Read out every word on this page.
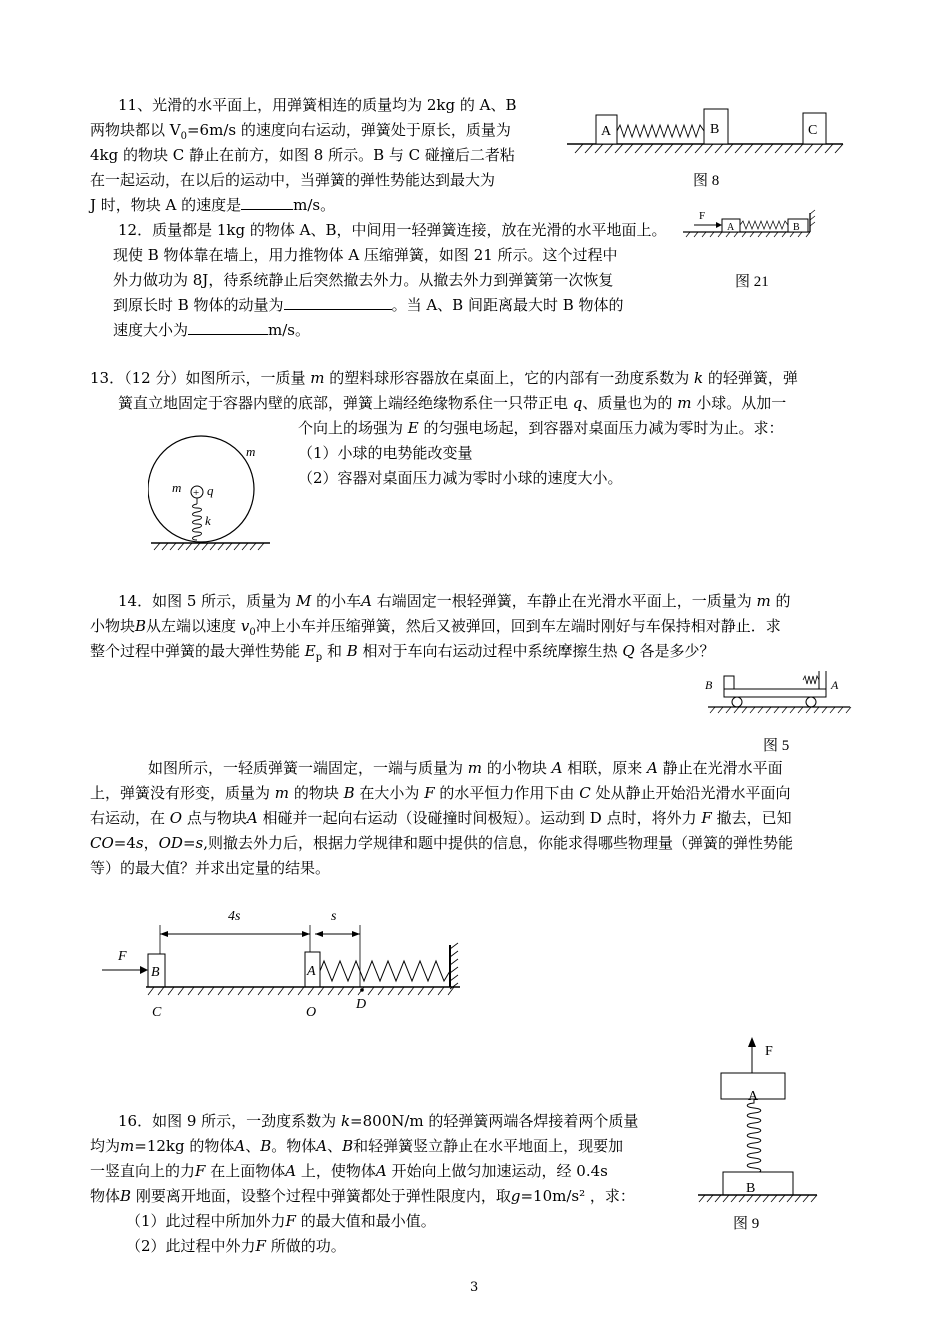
11、光滑的水平面上，用弹簧相连的质量均为 2kg 的 A、B
两物块都以 $V_0=6m/s$ 的速度向右运动，弹簧处于原长，质量为
4kg 的物块 C 静止在前方，如图 8 所示。B 与 C 碰撞后二者粘
在一起运动，在以后的运动中，当弹簧的弹性势能达到最大为
J 时，物块 A 的速度是	m/s。
A	B	C
图 8
12．质量都是 1kg 的物体 A、B，中间用一轻弹簧连接，放在光滑的水平地面上。
现使 B 物体靠在墙上，用力推物体 A 压缩弹簧，如图 21 所示。这个过程中
外力做功为 8J，待系统静止后突然撤去外力。从撤去外力到弹簧第一次恢复
到原长时 B 物体的动量为	。当 A、B 间距离最大时 B 物体的
速度大小为	m/s。
F
A	B
图 21
13．（12 分）如图所示，一质量 m 的塑料球形容器放在桌面上，它的内部有一劲度系数为 k 的轻弹簧，弹
簧直立地固定于容器内壁的底部，弹簧上端经绝缘物系住一只带正电 q、质量也为的 m 小球。从加一
个向上的场强为 E 的匀强电场起，到容器对桌面压力减为零时为止。求：
（1）小球的电势能改变量
（2）容器对桌面压力减为零时小球的速度大小。
m
+
m q
k
14．如图 5 所示，质量为 M 的小车A 右端固定一根轻弹簧，车静止在光滑水平面上，一质量为 m 的
小物块B从左端以速度 $v_0$冲上小车并压缩弹簧，然后又被弹回，回到车左端时刚好与车保持相对静止．求
整个过程中弹簧的最大弹性势能 $E_p$ 和 B 相对于车向右运动过程中系统摩擦生热 Q 各是多少？
B	A
图 5
如图所示，一轻质弹簧一端固定，一端与质量为 m 的小物块 A 相联，原来 A 静止在光滑水平面
上，弹簧没有形变，质量为 m 的物块 B 在大小为 F 的水平恒力作用下由 C 处从静止开始沿光滑水平面向
右运动，在 O 点与物块A 相碰并一起向右运动（设碰撞时间极短）。运动到 D 点时，将外力 F 撤去，已知
CO=4s，OD=s,则撤去外力后，根据力学规律和题中提供的信息，你能求得哪些物理量（弹簧的弹性势能
等）的最大值？并求出定量的结果。
4s	s
F
B	A
C	O
D
16．如图 9 所示，一劲度系数为 k=800N/m 的轻弹簧两端各焊接着两个质量
均为m=12kg 的物体A、B。物体A、B和轻弹簧竖立静止在水平地面上，现要加
一竖直向上的力F 在上面物体A 上，使物体A 开始向上做匀加速运动，经 0.4s
物体B 刚要离开地面，设整个过程中弹簧都处于弹性限度内，取g=10m/s² ，求：
（1）此过程中所加外力F 的最大值和最小值。
（2）此过程中外力F 所做的功。
F
A
B
图 9
3
